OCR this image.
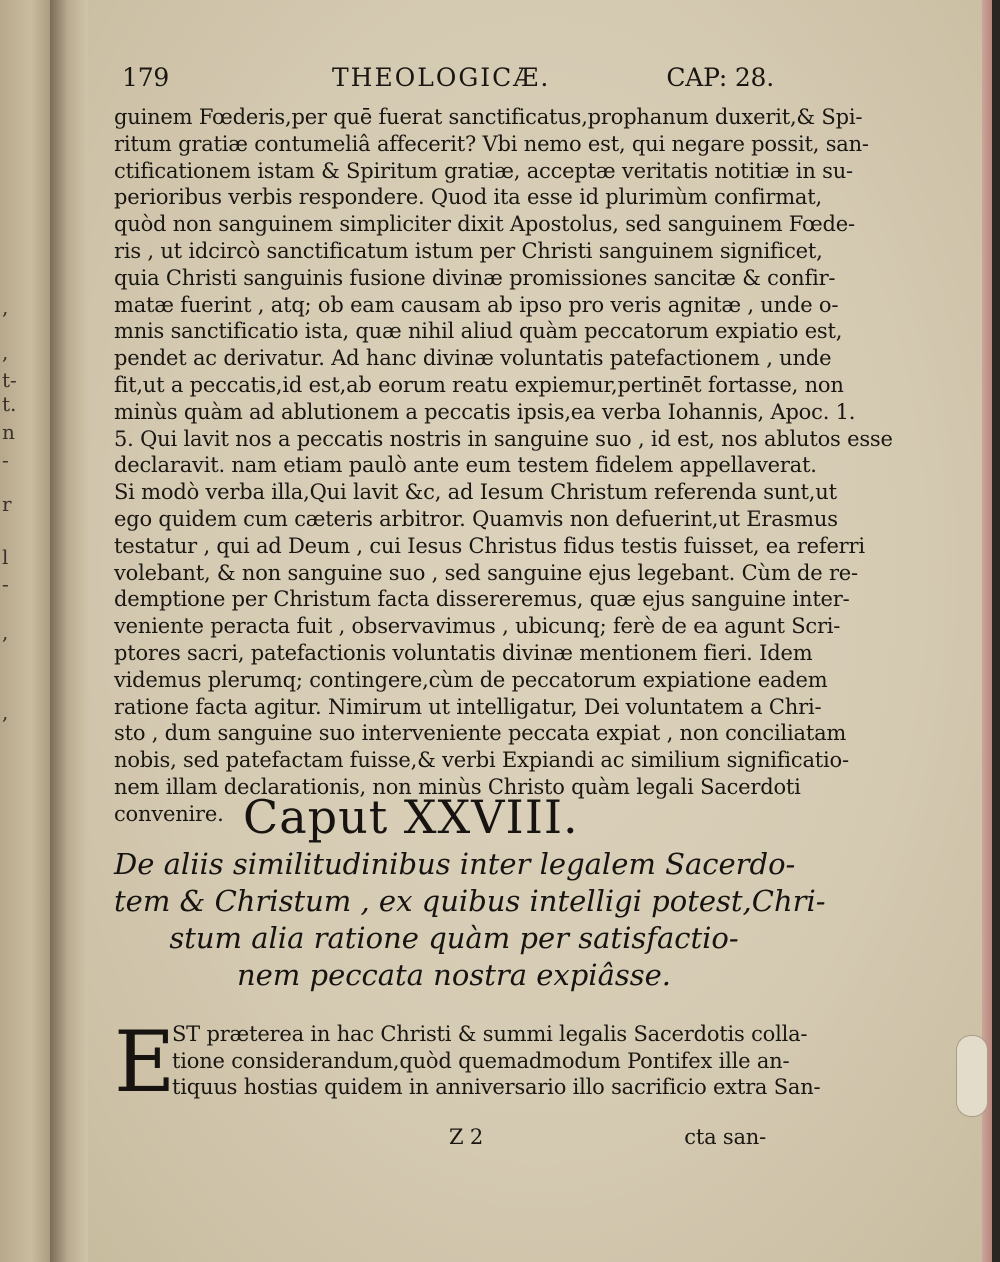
,
,
t-
t.
n
-
r
l
-
,
,
179	THEOLOGICÆ.	CAP: 28.
guinem Fœderis,per quē fuerat sanctificatus,prophanum duxerit,& Spi-
ritum gratiæ contumeliâ affecerit? Vbi nemo est, qui negare possit, san-
ctificationem istam & Spiritum gratiæ, acceptæ veritatis notitiæ in su-
perioribus verbis respondere. Quod ita esse id plurimùm confirmat,
quòd non sanguinem simpliciter dixit Apostolus, sed sanguinem Fœde-
ris , ut idcircò sanctificatum istum per Christi sanguinem significet,
quia Christi sanguinis fusione divinæ promissiones sancitæ & confir-
matæ fuerint , atq; ob eam causam ab ipso pro veris agnitæ , unde o-
mnis sanctificatio ista, quæ nihil aliud quàm peccatorum expiatio est,
pendet ac derivatur. Ad hanc divinæ voluntatis patefactionem , unde
fit,ut a peccatis,id est,ab eorum reatu expiemur,pertinēt fortasse, non
minùs quàm ad ablutionem a peccatis ipsis,ea verba Iohannis, Apoc. 1.
5. Qui lavit nos a peccatis nostris in sanguine suo , id est, nos ablutos esse
declaravit. nam etiam paulò ante eum testem fidelem appellaverat.
Si modò verba illa,Qui lavit &c, ad Iesum Christum referenda sunt,ut
ego quidem cum cæteris arbitror. Quamvis non defuerint,ut Erasmus
testatur , qui ad Deum , cui Iesus Christus fidus testis fuisset, ea referri
volebant, & non sanguine suo , sed sanguine ejus legebant. Cùm de re-
demptione per Christum facta dissereremus, quæ ejus sanguine inter-
veniente peracta fuit , observavimus , ubicunq; ferè de ea agunt Scri-
ptores sacri, patefactionis voluntatis divinæ mentionem fieri. Idem
videmus plerumq; contingere,cùm de peccatorum expiatione eadem
ratione facta agitur. Nimirum ut intelligatur, Dei voluntatem a Chri-
sto , dum sanguine suo interveniente peccata expiat , non conciliatam
nobis, sed patefactam fuisse,& verbi Expiandi ac similium significatio-
nem illam declarationis, non minùs Christo quàm legali Sacerdoti
convenire. Caput XXVIII.
De aliis similitudinibus inter legalem Sacerdo-
tem & Christum , ex quibus intelligi potest,Chri-
stum alia ratione quàm per satisfactio-
nem peccata nostra expiâsse.
E
ST præterea in hac Christi & summi legalis Sacerdotis colla-
tione considerandum,quòd quemadmodum Pontifex ille an-
tiquus hostias quidem in anniversario illo sacrificio extra San-
Z 2	cta san-
